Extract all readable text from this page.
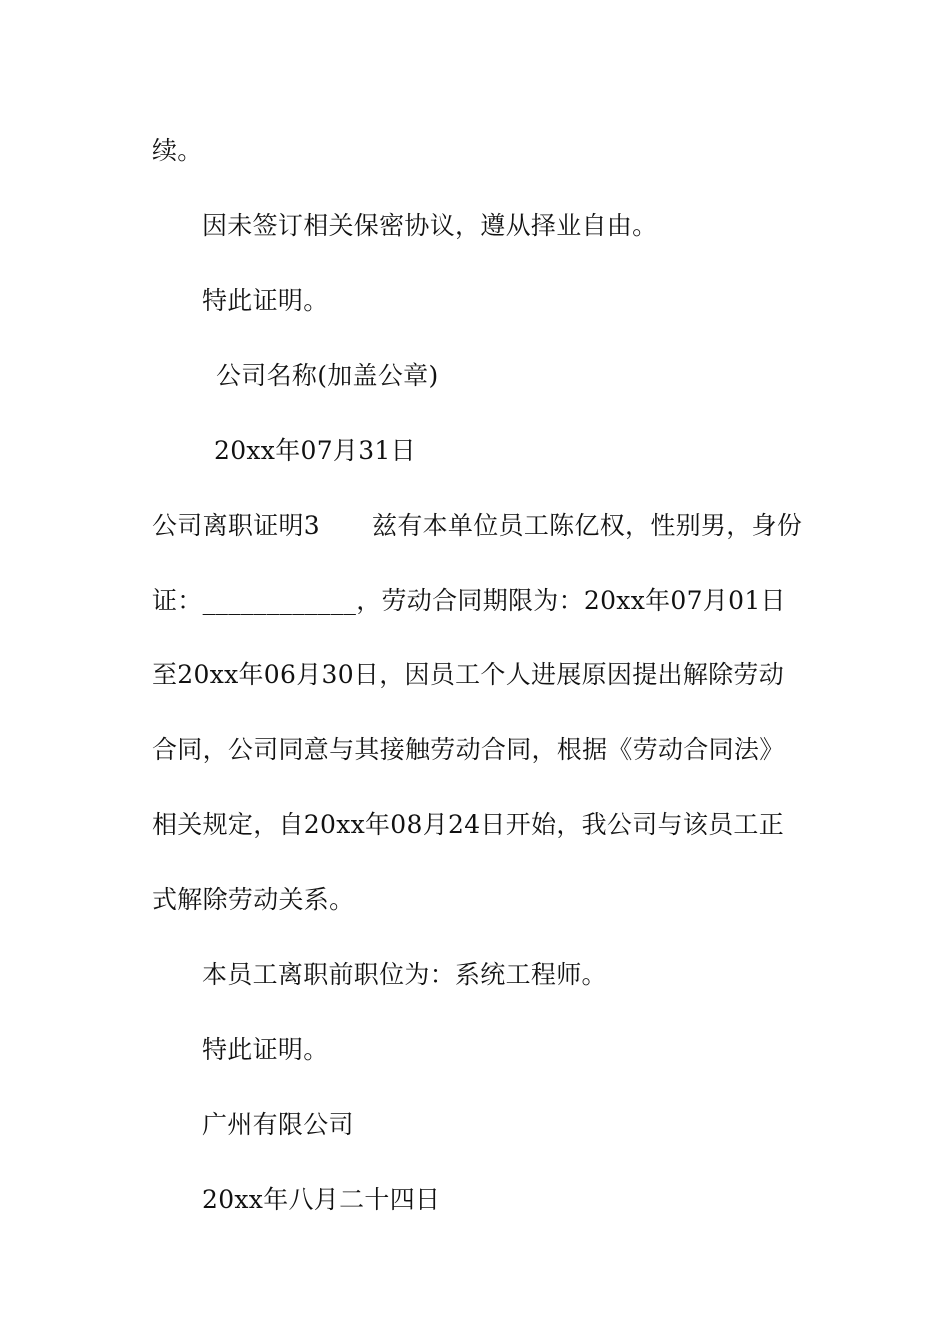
续。
因未签订相关保密协议，遵从择业自由。
特此证明。
公司名称(加盖公章)
20xx年07月31日
公司离职证明3 兹有本单位员工陈亿权，性别男，身份
证：____________，劳动合同期限为：20xx年07月01日
至20xx年06月30日，因员工个人进展原因提出解除劳动
合同，公司同意与其接触劳动合同，根据《劳动合同法》
相关规定，自20xx年08月24日开始，我公司与该员工正
式解除劳动关系。
本员工离职前职位为：系统工程师。
特此证明。
广州有限公司
20xx年八月二十四日
